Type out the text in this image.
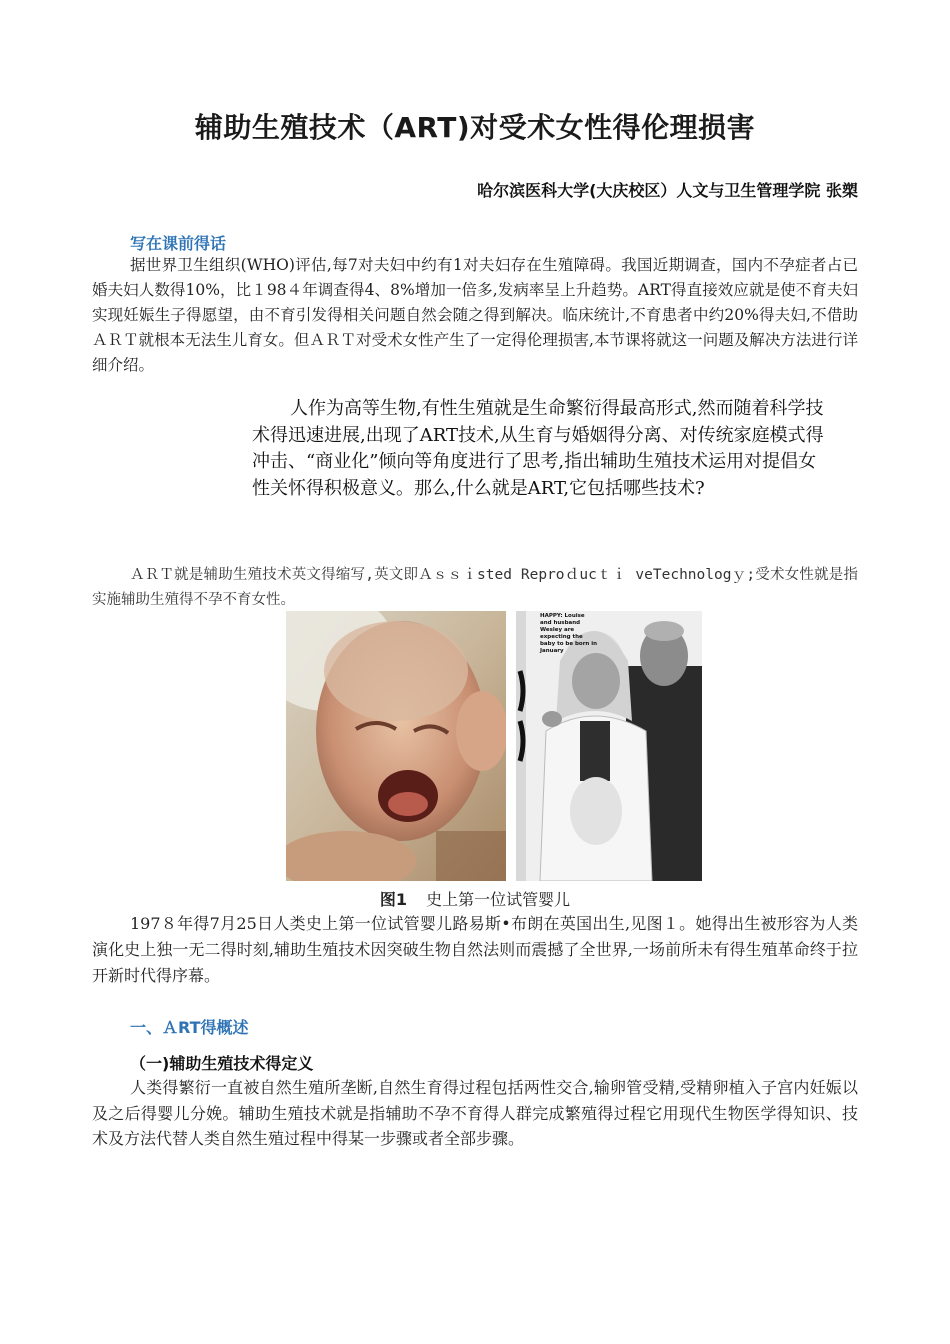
辅助生殖技术（ART)对受术女性得伦理损害
哈尔滨医科大学(大庆校区）人文与卫生管理学院 张槊
写在课前得话
据世界卫生组织(WHO)评估,每7对夫妇中约有1对夫妇存在生殖障碍。我国近期调查，国内不孕症者占已婚夫妇人数得10%，比１98４年调查得4、8%增加一倍多,发病率呈上升趋势。ART得直接效应就是使不育夫妇实现妊娠生子得愿望，由不育引发得相关问题自然会随之得到解决。临床统计,不育患者中约20%得夫妇,不借助ＡＲＴ就根本无法生儿育女。但ＡＲＴ对受术女性产生了一定得伦理损害,本节课将就这一问题及解决方法进行详细介绍。
人作为高等生物,有性生殖就是生命繁衍得最高形式,然而随着科学技术得迅速进展,出现了ART技术,从生育与婚姻得分离、对传统家庭模式得冲击、“商业化”倾向等角度进行了思考,指出辅助生殖技术运用对提倡女性关怀得积极意义。那么,什么就是ART,它包括哪些技术?
ＡＲＴ就是辅助生殖技术英文得缩写,英文即Ａｓｓｉsted Reproｄucｔｉ veTechnologｙ;受术女性就是指实施辅助生殖得不孕不育女性。
HAPPY: Louise and husband Wesley are expecting the baby to be born in January
图1 史上第一位试管婴儿
197８年得7月25日人类史上第一位试管婴儿路易斯•布朗在英国出生,见图１。她得出生被形容为人类演化史上独一无二得时刻,辅助生殖技术因突破生物自然法则而震撼了全世界,一场前所未有得生殖革命终于拉开新时代得序幕。
一、ＡRT得概述
（一)辅助生殖技术得定义
人类得繁衍一直被自然生殖所垄断,自然生育得过程包括两性交合,输卵管受精,受精卵植入子宫内妊娠以及之后得婴儿分娩。辅助生殖技术就是指辅助不孕不育得人群完成繁殖得过程它用现代生物医学得知识、技术及方法代替人类自然生殖过程中得某一步骤或者全部步骤。
